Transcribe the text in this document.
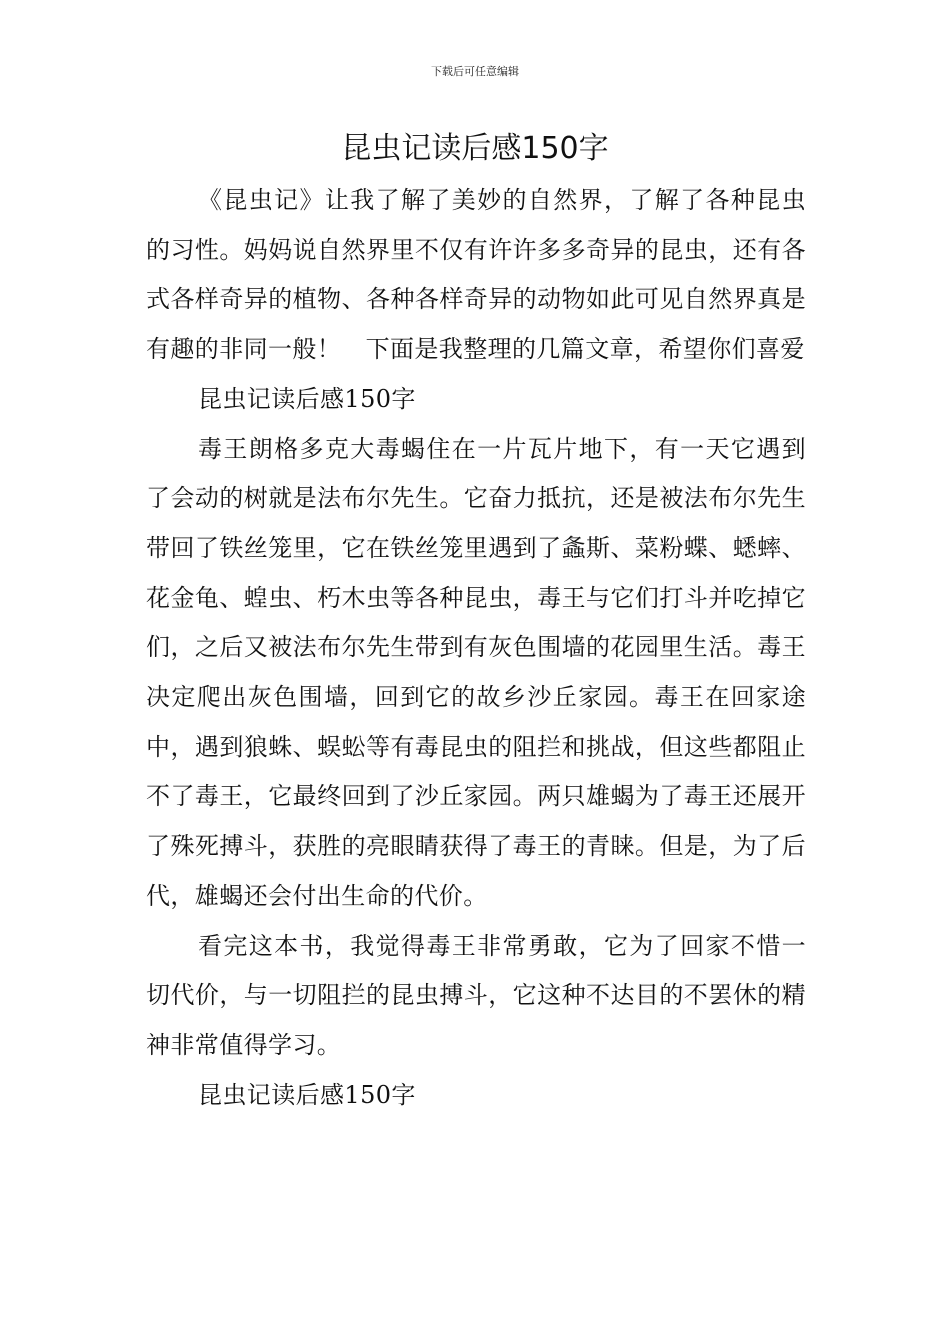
下载后可任意编辑
昆虫记读后感150字

《昆虫记》让我了解了美妙的自然界，了解了各种昆虫的习性。妈妈说自然界里不仅有许许多多奇异的昆虫，还有各式各样奇异的植物、各种各样奇异的动物如此可见自然界真是有趣的非同一般！　下面是我整理的几篇文章，希望你们喜爱

昆虫记读后感150字

毒王朗格多克大毒蝎住在一片瓦片地下，有一天它遇到了会动的树就是法布尔先生。它奋力抵抗，还是被法布尔先生带回了铁丝笼里，它在铁丝笼里遇到了螽斯、菜粉蝶、蟋蟀、花金龟、蝗虫、朽木虫等各种昆虫，毒王与它们打斗并吃掉它们，之后又被法布尔先生带到有灰色围墙的花园里生活。毒王决定爬出灰色围墙，回到它的故乡沙丘家园。毒王在回家途中，遇到狼蛛、蜈蚣等有毒昆虫的阻拦和挑战，但这些都阻止不了毒王，它最终回到了沙丘家园。两只雄蝎为了毒王还展开了殊死搏斗，获胜的亮眼睛获得了毒王的青睐。但是，为了后代，雄蝎还会付出生命的代价。

看完这本书，我觉得毒王非常勇敢，它为了回家不惜一切代价，与一切阻拦的昆虫搏斗，它这种不达目的不罢休的精神非常值得学习。

昆虫记读后感150字
